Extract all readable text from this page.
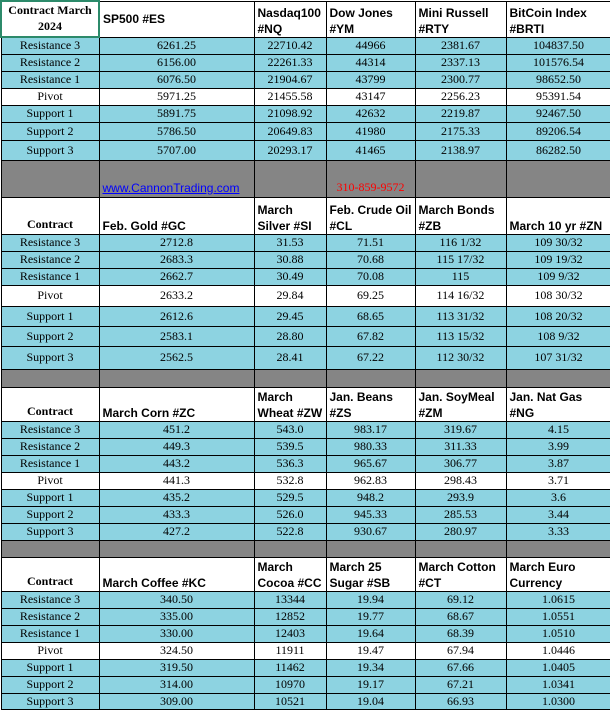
Contract March 2024	SP500 #ES	Nasdaq100 #NQ	Dow Jones #YM	Mini Russell #RTY	BitCoin Index #BRTI
Resistance 3	6261.25	22710.42	44966	2381.67	104837.50
Resistance 2	6156.00	22261.33	44314	2337.13	101576.54
Resistance 1	6076.50	21904.67	43799	2300.77	98652.50
Pivot	5971.25	21455.58	43147	2256.23	95391.54
Support 1	5891.75	21098.92	42632	2219.87	92467.50
Support 2	5786.50	20649.83	41980	2175.33	89206.54
Support 3	5707.00	20293.17	41465	2138.97	86282.50
	www.CannonTrading.com		310-859-9572		
Contract	Feb. Gold #GC	March Silver #SI	Feb. Crude Oil #CL	March Bonds #ZB	March 10 yr #ZN
Resistance 3	2712.8	31.53	71.51	116 1/32	109 30/32
Resistance 2	2683.3	30.88	70.68	115 17/32	109 19/32
Resistance 1	2662.7	30.49	70.08	115	109 9/32
Pivot	2633.2	29.84	69.25	114 16/32	108 30/32
Support 1	2612.6	29.45	68.65	113 31/32	108 20/32
Support 2	2583.1	28.80	67.82	113 15/32	108 9/32
Support 3	2562.5	28.41	67.22	112 30/32	107 31/32

Contract	March Corn #ZC	March Wheat #ZW	Jan. Beans #ZS	Jan. SoyMeal #ZM	Jan. Nat Gas #NG
Resistance 3	451.2	543.0	983.17	319.67	4.15
Resistance 2	449.3	539.5	980.33	311.33	3.99
Resistance 1	443.2	536.3	965.67	306.77	3.87
Pivot	441.3	532.8	962.83	298.43	3.71
Support 1	435.2	529.5	948.2	293.9	3.6
Support 2	433.3	526.0	945.33	285.53	3.44
Support 3	427.2	522.8	930.67	280.97	3.33

Contract	March Coffee #KC	March Cocoa #CC	March 25 Sugar #SB	March Cotton #CT	March Euro Currency
Resistance 3	340.50	13344	19.94	69.12	1.0615
Resistance 2	335.00	12852	19.77	68.67	1.0551
Resistance 1	330.00	12403	19.64	68.39	1.0510
Pivot	324.50	11911	19.47	67.94	1.0446
Support 1	319.50	11462	19.34	67.66	1.0405
Support 2	314.00	10970	19.17	67.21	1.0341
Support 3	309.00	10521	19.04	66.93	1.0300
